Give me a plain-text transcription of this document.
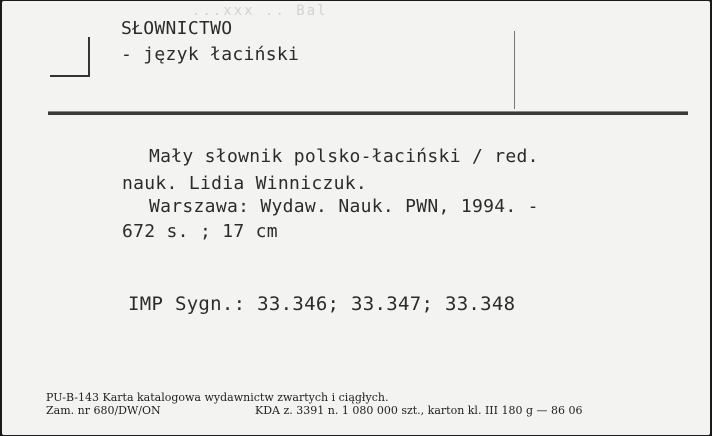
...xxx .. Bal
SŁOWNICTWO
- język łaciński
Mały słownik polsko-łaciński / red.
nauk. Lidia Winniczuk.
Warszawa: Wydaw. Nauk. PWN, 1994. -
672 s. ; 17 cm
IMP Sygn.: 33.346; 33.347; 33.348
PU-B-143 Karta katalogowa wydawnictw zwartych i ciągłych.
Zam. nr 680/DW/ON	KDA z. 3391 n. 1 080 000 szt., karton kl. III 180 g — 86 06
